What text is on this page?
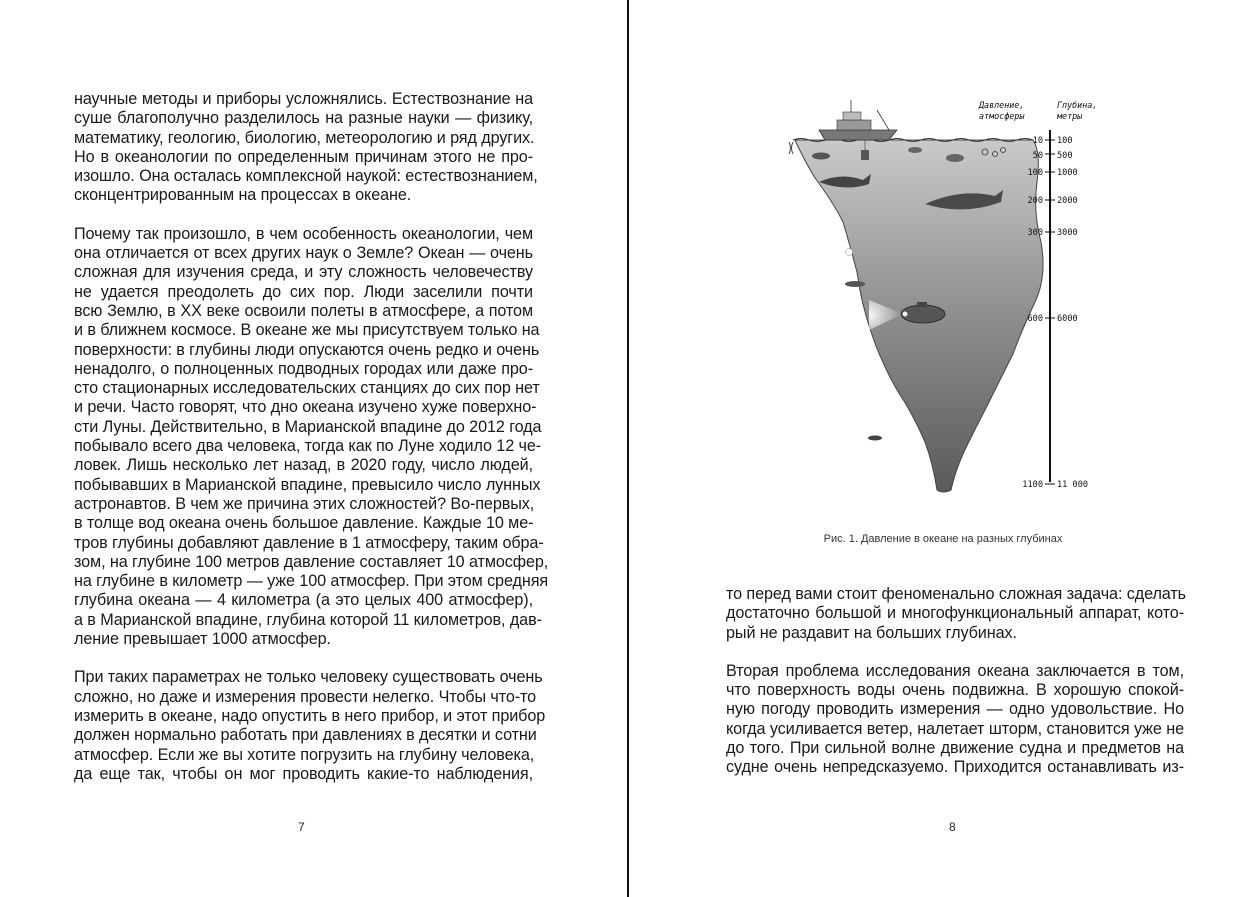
научные методы и приборы усложнялись. Естествознание на
суше благополучно разделилось на разные науки — физику,
математику, геологию, биологию, метеорологию и ряд других.
Но в океанологии по определенным причинам этого не про-
изошло. Она осталась комплексной наукой: естествознанием,
сконцентрированным на процессах в океане.

Почему так произошло, в чем особенность океанологии, чем
она отличается от всех других наук о Земле? Океан — очень
сложная для изучения среда, и эту сложность человечеству
не удается преодолеть до сих пор. Люди заселили почти
всю Землю, в XX веке освоили полеты в атмосфере, а потом
и в ближнем космосе. В океане же мы присутствуем только на
поверхности: в глубины люди опускаются очень редко и очень
ненадолго, о полноценных подводных городах или даже про-
сто стационарных исследовательских станциях до сих пор нет
и речи. Часто говорят, что дно океана изучено хуже поверхно-
сти Луны. Действительно, в Марианской впадине до 2012 года
побывало всего два человека, тогда как по Луне ходило 12 че-
ловек. Лишь несколько лет назад, в 2020 году, число людей,
побывавших в Марианской впадине, превысило число лунных
астронавтов. В чем же причина этих сложностей? Во-первых,
в толще вод океана очень большое давление. Каждые 10 ме-
тров глубины добавляют давление в 1 атмосферу, таким обра-
зом, на глубине 100 метров давление составляет 10 атмосфер,
на глубине в километр — уже 100 атмосфер. При этом средняя
глубина океана — 4 километра (а это целых 400 атмосфер),
а в Марианской впадине, глубина которой 11 километров, дав-
ление превышает 1000 атмосфер.

При таких параметрах не только человеку существовать очень
сложно, но даже и измерения провести нелегко. Чтобы что-то
измерить в океане, надо опустить в него прибор, и этот прибор
должен нормально работать при давлениях в десятки и сотни
атмосфер. Если же вы хотите погрузить на глубину человека,
да еще так, чтобы он мог проводить какие-то наблюдения,

7
Давление,
атмосферы
Глубина,
метры
10 100
50 500
100 1000
200 2000
300 3000
600 6000
1100 11 000
Рис. 1. Давление в океане на разных глубинах

то перед вами стоит феноменально сложная задача: сделать
достаточно большой и многофункциональный аппарат, кото-
рый не раздавит на больших глубинах.

Вторая проблема исследования океана заключается в том,
что поверхность воды очень подвижна. В хорошую спокой-
ную погоду проводить измерения — одно удовольствие. Но
когда усиливается ветер, налетает шторм, становится уже не
до того. При сильной волне движение судна и предметов на
судне очень непредсказуемо. Приходится останавливать из-

8
